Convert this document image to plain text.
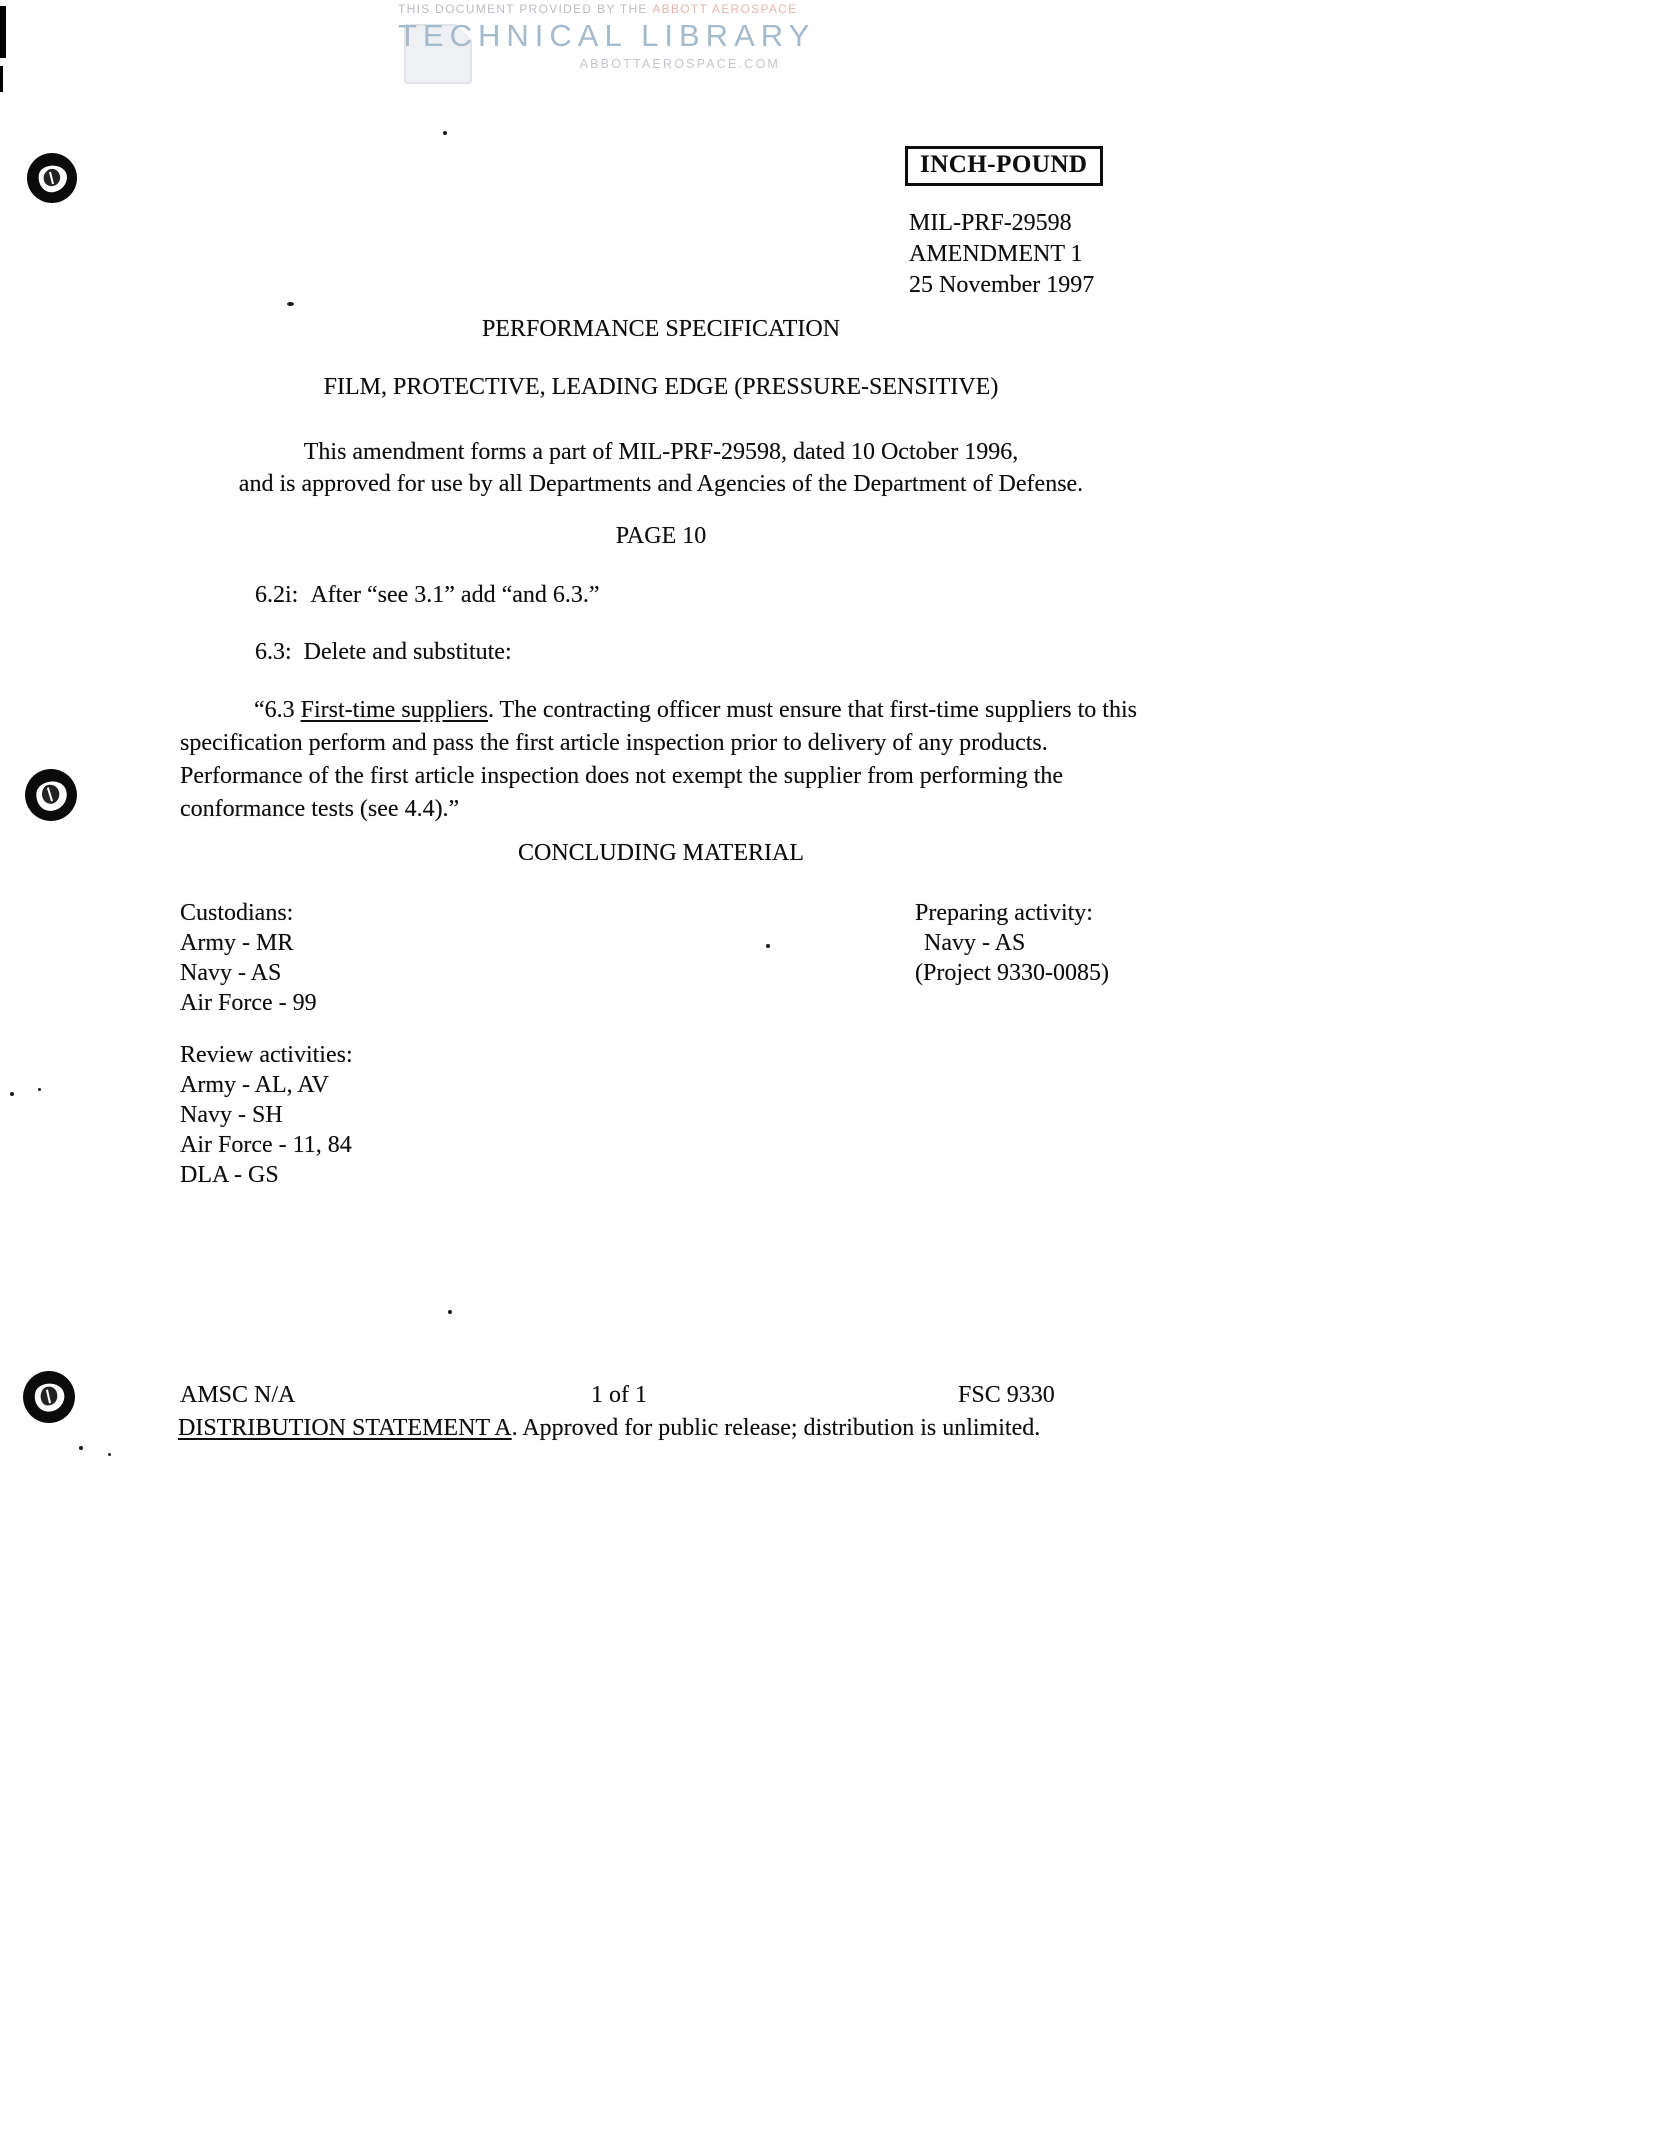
THIS DOCUMENT PROVIDED BY THE ABBOTT AEROSPACE
TECHNICAL LIBRARY
ABBOTTAEROSPACE.COM
INCH-POUND
MIL-PRF-29598
AMENDMENT 1
25 November 1997
PERFORMANCE SPECIFICATION
FILM, PROTECTIVE, LEADING EDGE (PRESSURE-SENSITIVE)
This amendment forms a part of MIL-PRF-29598, dated 10 October 1996,
and is approved for use by all Departments and Agencies of the Department of Defense.
PAGE 10
6.2i: After “see 3.1” add “and 6.3.”
6.3: Delete and substitute:
“6.3 First-time suppliers. The contracting officer must ensure that first-time suppliers to this specification perform and pass the first article inspection prior to delivery of any products. Performance of the first article inspection does not exempt the supplier from performing the conformance tests (see 4.4).”
CONCLUDING MATERIAL
Custodians:
Army - MR
Navy - AS
Air Force - 99
Preparing activity:
Navy - AS
(Project 9330-0085)
Review activities:
Army - AL, AV
Navy - SH
Air Force - 11, 84
DLA - GS
AMSC N/A	1 of 1	FSC 9330
DISTRIBUTION STATEMENT A. Approved for public release; distribution is unlimited.
